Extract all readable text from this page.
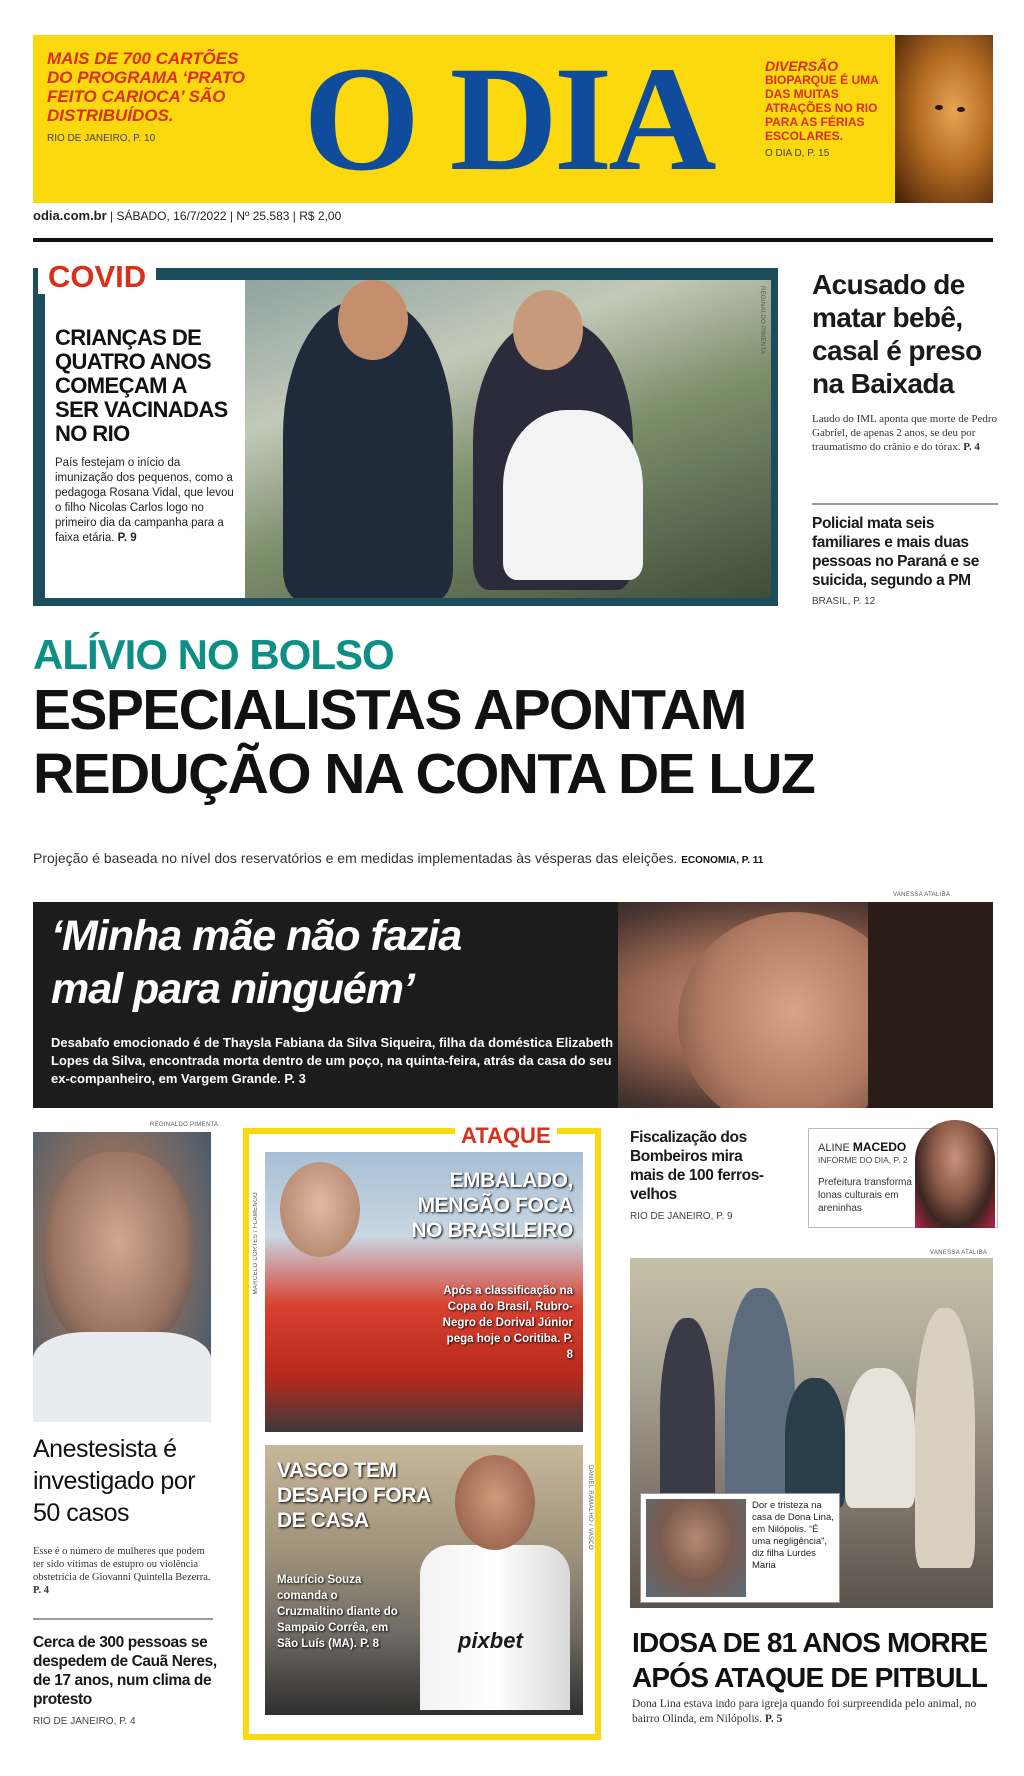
MAIS DE 700 CARTÕES DO PROGRAMA ‘PRATO FEITO CARIOCA’ SÃO DISTRIBUÍDOS.
RIO DE JANEIRO, P. 10 O DIA	DIVERSÃO
BIOPARQUE É UMA DAS MUITAS ATRAÇÕES NO RIO PARA AS FÉRIAS ESCOLARES.
O DIA D, P. 15
odia.com.br | SÁBADO, 16/7/2022 | Nº 25.583 | R$ 2,00
REGINALDO PIMENTA
CRIANÇAS DE QUATRO ANOS COMEÇAM A SER VACINADAS NO RIO
País festejam o início da imunização dos pequenos, como a pedagoga Rosana Vidal, que levou o filho Nicolas Carlos logo no primeiro dia da campanha para a faixa etária. P. 9
COVID	Acusado de matar bebê, casal é preso na Baixada

Laudo do IML aponta que morte de Pedro Gabriel, de apenas 2 anos, se deu por traumatismo do crânio e do tórax. P. 4

Policial mata seis familiares e mais duas pessoas no Paraná e se suicida, segundo a PM
BRASIL, P. 12
ALÍVIO NO BOLSO
ESPECIALISTAS APONTAM
REDUÇÃO NA CONTA DE LUZ
Projeção é baseada no nível dos reservatórios e em medidas implementadas às vésperas das eleições. ECONOMIA, P. 11
‘Minha mãe não fazia
mal para ninguém’
Desabafo emocionado é de Thaysla Fabiana da Silva Siqueira, filha da doméstica Elizabeth Lopes da Silva, encontrada morta dentro de um poço, na quinta-feira, atrás da casa do seu ex-companheiro, em Vargem Grande. P. 3
VANESSA ATALIBA
REGINALDO PIMENTA
Anestesista é investigado por 50 casos
Esse é o número de mulheres que podem ter sido vítimas de estupro ou violência obstetrícia de Giovanni Quintella Bezerra. P. 4
Cerca de 300 pessoas se despedem de Cauã Neres, de 17 anos, num clima de protesto
RIO DE JANEIRO, P. 4
ATAQUE
MARCELO CORTES / FLAMENGO
EMBALADO, MENGÃO FOCA NO BRASILEIRO
Após a classificação na Copa do Brasil, Rubro-Negro de Dorival Júnior pega hoje o Coritiba. P. 8
DANIEL RAMALHO / VASCO
pixbet
VASCO TEM DESAFIO FORA DE CASA
Maurício Souza comanda o Cruzmaltino diante do Sampaio Corrêa, em São Luís (MA). P. 8
Fiscalização dos Bombeiros mira mais de 100 ferros-velhos
RIO DE JANEIRO, P. 9
ALINE MACEDO
INFORME DO DIA, P. 2
Prefeitura transforma lonas culturais em areninhas
VANESSA ATALIBA
Dor e tristeza na casa de Dona Lina, em Nilópolis. “É uma negligência”, diz filha Lurdes Maria
IDOSA DE 81 ANOS MORRE APÓS ATAQUE DE PITBULL
Dona Lina estava indo para igreja quando foi surpreendida pelo animal, no bairro Olinda, em Nilópolis. P. 5
